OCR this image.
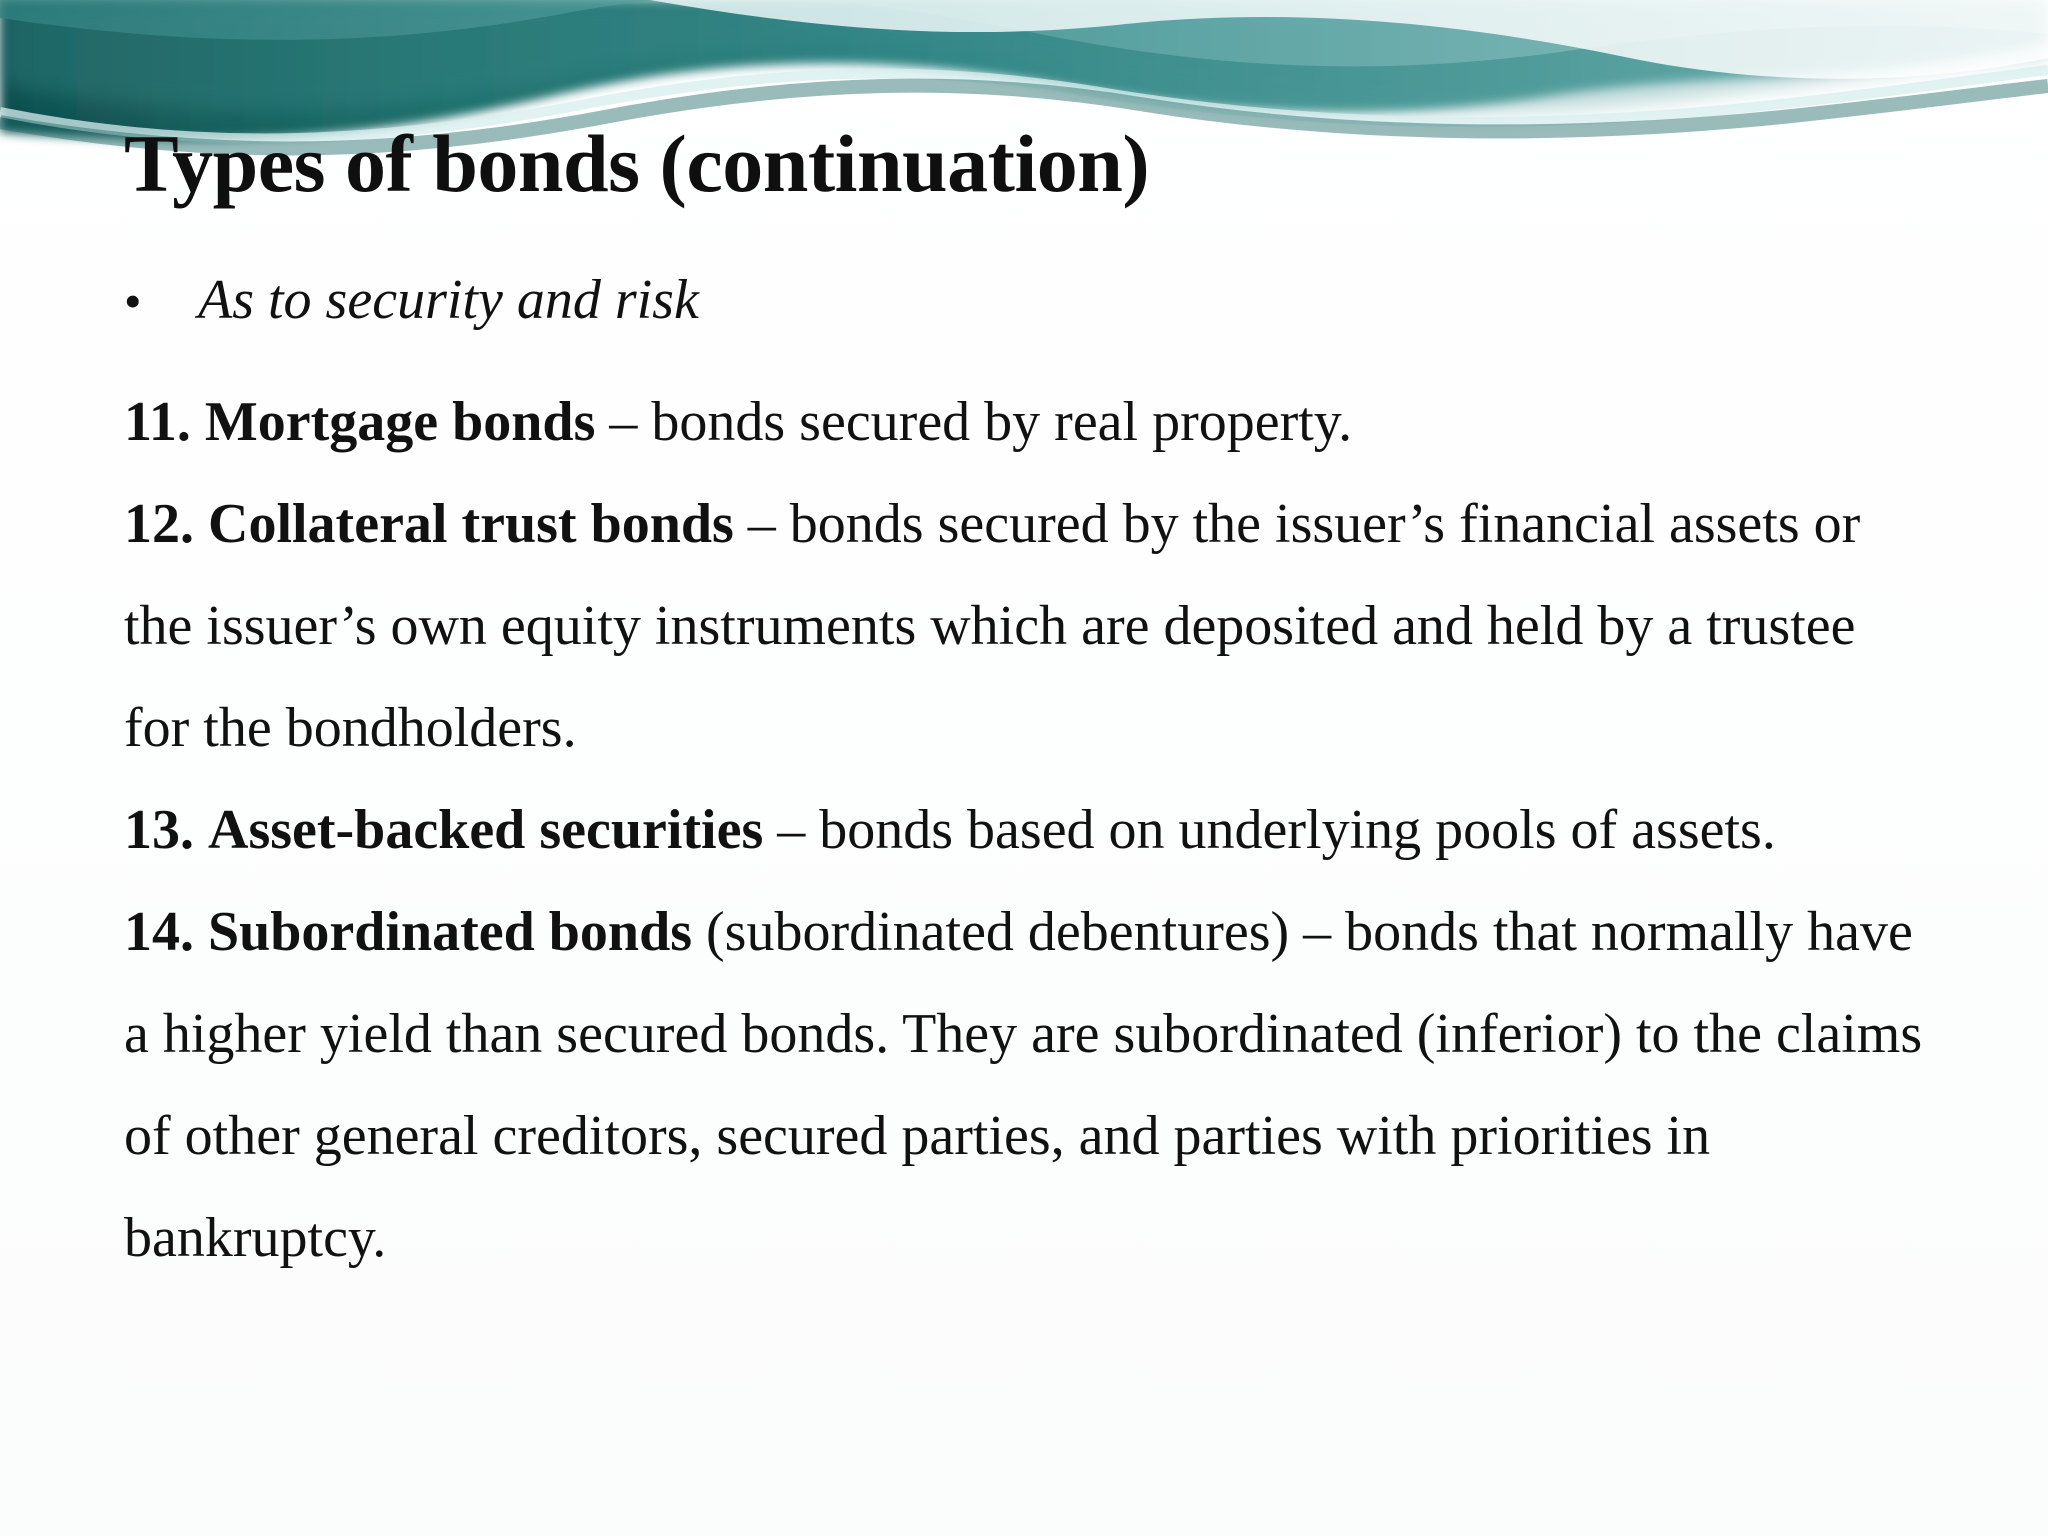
Types of bonds (continuation)
•	As to security and risk

11. Mortgage bonds – bonds secured by real property.

12. Collateral trust bonds – bonds secured by the issuer’s financial assets or the issuer’s own equity instruments which are deposited and held by a trustee for the bondholders.

13. Asset-backed securities – bonds based on underlying pools of assets.

14. Subordinated bonds (subordinated debentures) – bonds that normally have a higher yield than secured bonds. They are subordinated (inferior) to the claims of other general creditors, secured parties, and parties with priorities in bankruptcy.
